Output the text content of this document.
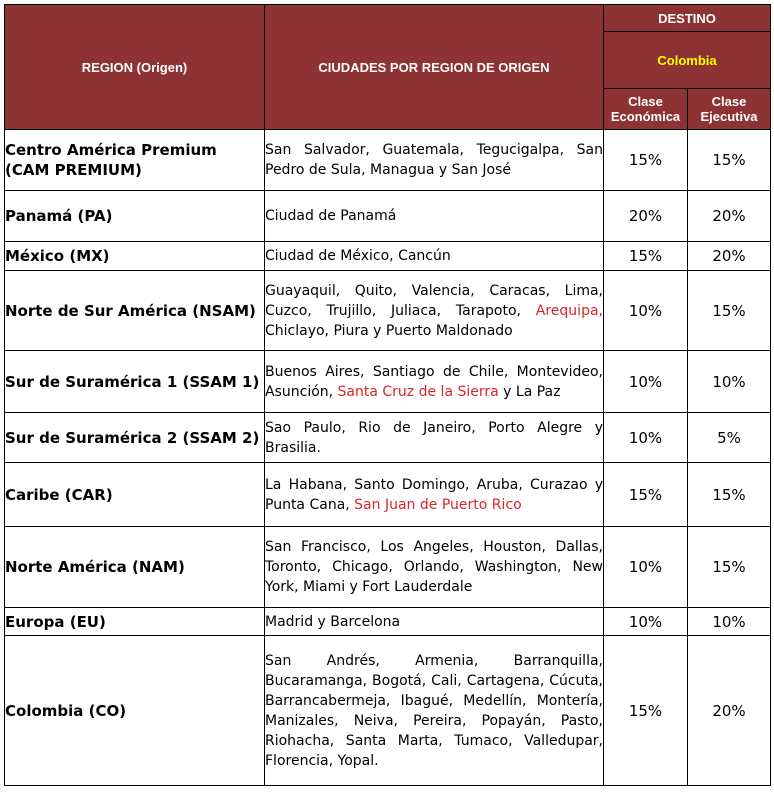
REGION (Origen)	CIUDADES POR REGION DE ORIGEN	DESTINO	
		Colombia	
		Clase Económica	Clase Ejecutiva
Centro América Premium (CAM PREMIUM)	San Salvador, Guatemala, Tegucigalpa, San Pedro de Sula, Managua y San José	15%	15%
Panamá (PA)	Ciudad de Panamá	20%	20%
México (MX)	Ciudad de México, Cancún	15%	20%
Norte de Sur América (NSAM)	Guayaquil, Quito, Valencia, Caracas, Lima, Cuzco, Trujillo, Juliaca, Tarapoto, Arequipa, Chiclayo, Piura y Puerto Maldonado	10%	15%
Sur de Suramérica 1 (SSAM 1)	Buenos Aires, Santiago de Chile, Montevideo, Asunción, Santa Cruz de la Sierra y La Paz	10%	10%
Sur de Suramérica 2 (SSAM 2)	Sao Paulo, Rio de Janeiro, Porto Alegre y Brasilia.	10%	5%
Caribe (CAR)	La Habana, Santo Domingo, Aruba, Curazao y Punta Cana, San Juan de Puerto Rico	15%	15%
Norte América (NAM)	San Francisco, Los Angeles, Houston, Dallas, Toronto, Chicago, Orlando, Washington, New York, Miami y Fort Lauderdale	10%	15%
Europa (EU)	Madrid y Barcelona	10%	10%
Colombia (CO)	San Andrés, Armenia, Barranquilla, Bucaramanga, Bogotá, Cali, Cartagena, Cúcuta, Barrancabermeja, Ibagué, Medellín, Montería, Manizales, Neiva, Pereira, Popayán, Pasto, Riohacha, Santa Marta, Tumaco, Valledupar, Florencia, Yopal.	15%	20%
